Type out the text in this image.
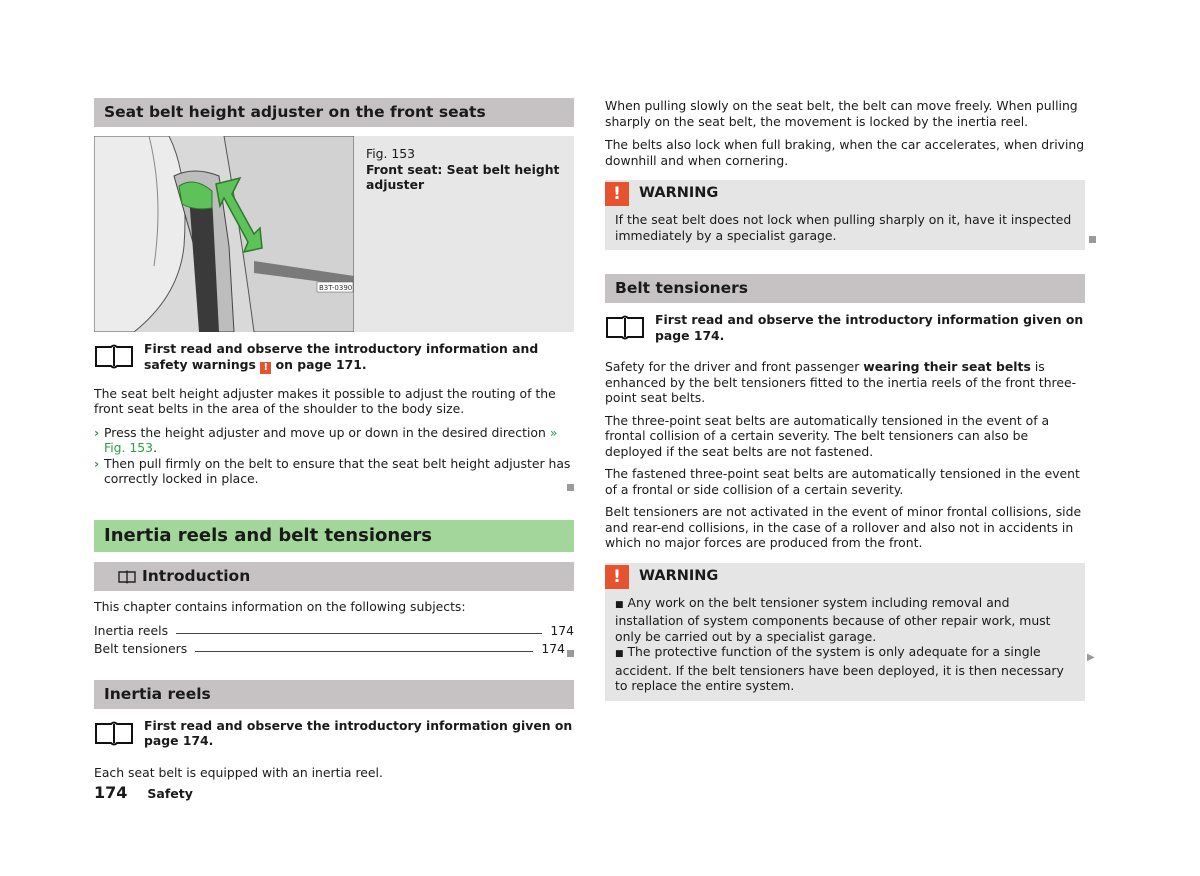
Seat belt height adjuster on the front seats
B3T-0390
Fig. 153
Front seat: Seat belt height adjuster
First read and observe the introductory information and safety warnings ! on page 171.

The seat belt height adjuster makes it possible to adjust the routing of the front seat belts in the area of the shoulder to the body size.

› Press the height adjuster and move up or down in the desired direction » Fig. 153.
› Then pull firmly on the belt to ensure that the seat belt height adjuster has correctly locked in place.
Inertia reels and belt tensioners
Introduction

This chapter contains information on the following subjects:

Inertia reels	174
Belt tensioners	174
Inertia reels
First read and observe the introductory information given on page 174.

Each seat belt is equipped with an inertia reel.

When pulling slowly on the seat belt, the belt can move freely. When pulling sharply on the seat belt, the movement is locked by the inertia reel.

The belts also lock when full braking, when the car accelerates, when driving downhill and when cornering.

!	WARNING
If the seat belt does not lock when pulling sharply on it, have it inspected immediately by a specialist garage.
Belt tensioners
First read and observe the introductory information given on page 174.

Safety for the driver and front passenger wearing their seat belts is enhanced by the belt tensioners fitted to the inertia reels of the front three-point seat belts.

The three-point seat belts are automatically tensioned in the event of a frontal collision of a certain severity. The belt tensioners can also be deployed if the seat belts are not fastened.

The fastened three-point seat belts are automatically tensioned in the event of a frontal or side collision of a certain severity.

Belt tensioners are not activated in the event of minor frontal collisions, side and rear-end collisions, in the case of a rollover and also not in accidents in which no major forces are produced from the front.

!	WARNING
■ Any work on the belt tensioner system including removal and installation of system components because of other repair work, must only be carried out by a specialist garage.
■ The protective function of the system is only adequate for a single accident. If the belt tensioners have been deployed, it is then necessary to replace the entire system.
▶
174 Safety
